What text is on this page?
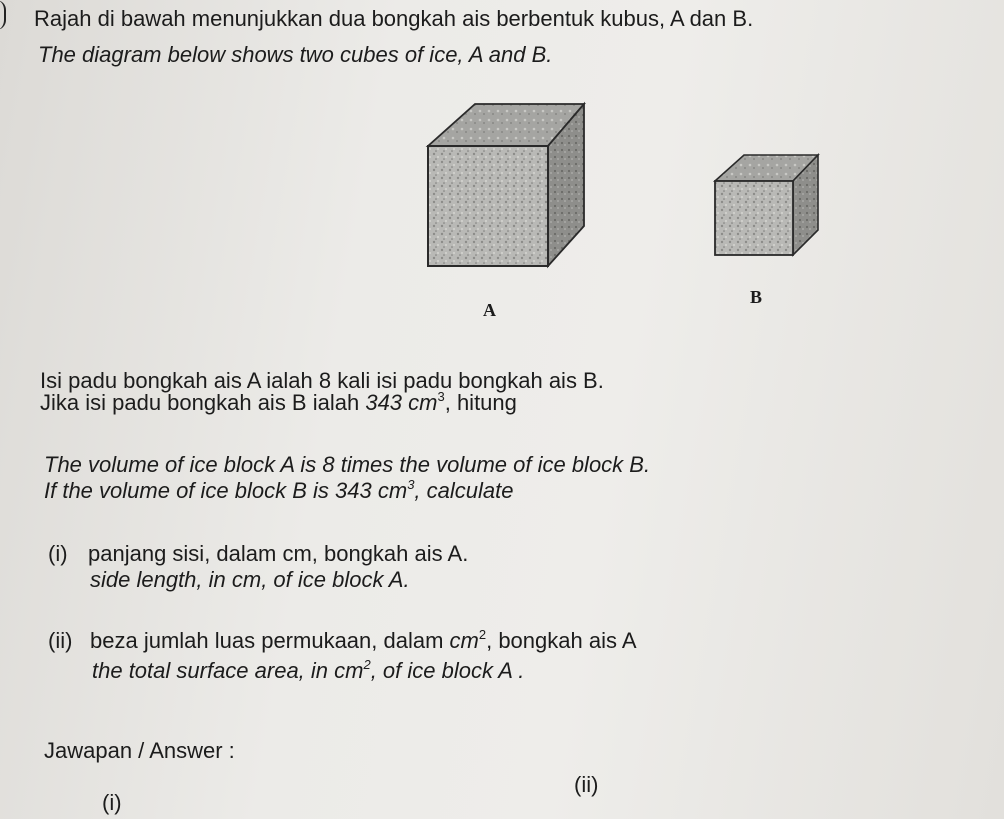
Rajah di bawah menunjukkan dua bongkah ais berbentuk kubus, A dan B.
The diagram below shows two cubes of ice, A and B.
A
B
Isi padu bongkah ais A ialah 8 kali isi padu bongkah ais B.
Jika isi padu bongkah ais B ialah 343 $cm^3$, hitung
The volume of ice block A is 8 times the volume of ice block B.
If the volume of ice block B is 343 $cm^3$, calculate
(i) panjang sisi, dalam cm, bongkah ais A.
side length, in cm, of ice block A.
(ii) beza jumlah luas permukaan, dalam $cm^2$, bongkah ais A
the total surface area, in $cm^2$, of ice block A .
Jawapan / Answer :
(ii)
(i)
